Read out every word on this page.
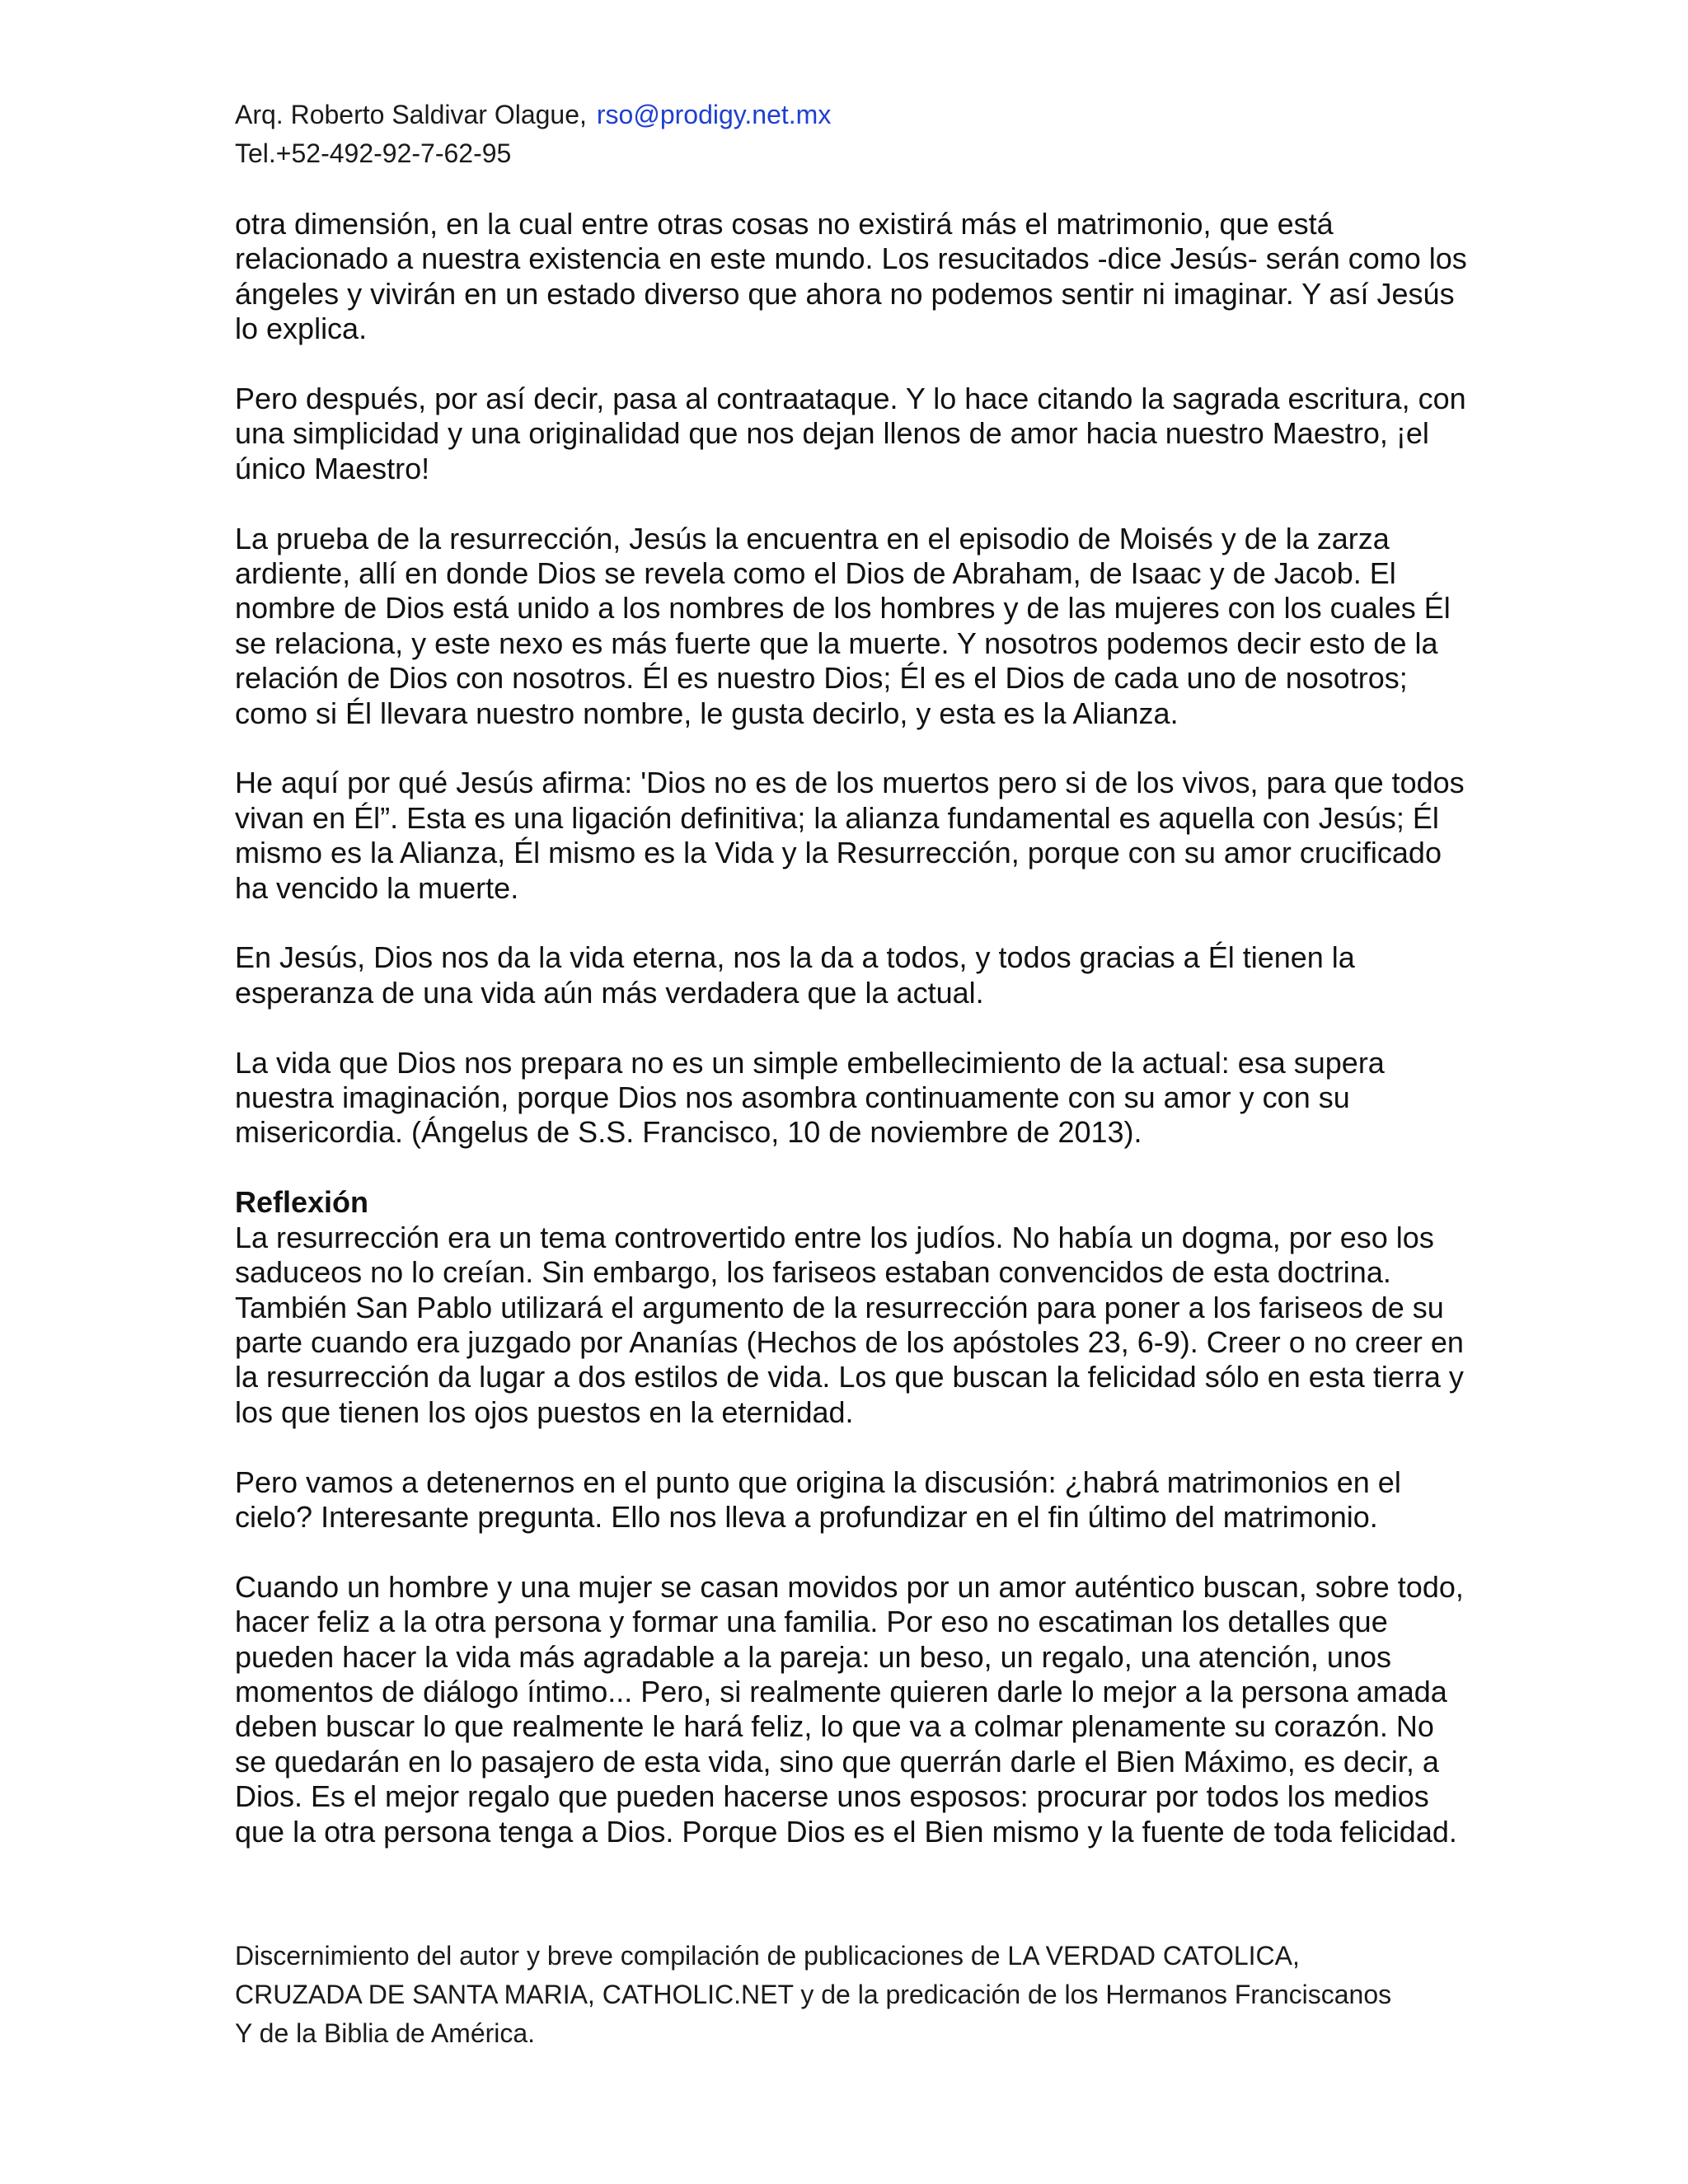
Arq. Roberto Saldivar Olague, rso@prodigy.net.mx
Tel.+52-492-92-7-62-95

otra dimensión, en la cual entre otras cosas no existirá más el matrimonio, que está relacionado a nuestra existencia en este mundo. Los resucitados -dice Jesús- serán como los ángeles y vivirán en un estado diverso que ahora no podemos sentir ni imaginar. Y así Jesús lo explica.

Pero después, por así decir, pasa al contraataque. Y lo hace citando la sagrada escritura, con una simplicidad y una originalidad que nos dejan llenos de amor hacia nuestro Maestro, ¡el único Maestro!

La prueba de la resurrección, Jesús la encuentra en el episodio de Moisés y de la zarza ardiente, allí en donde Dios se revela como el Dios de Abraham, de Isaac y de Jacob. El nombre de Dios está unido a los nombres de los hombres y de las mujeres con los cuales Él se relaciona, y este nexo es más fuerte que la muerte. Y nosotros podemos decir esto de la relación de Dios con nosotros. Él es nuestro Dios; Él es el Dios de cada uno de nosotros; como si Él llevara nuestro nombre, le gusta decirlo, y esta es la Alianza.

He aquí por qué Jesús afirma: 'Dios no es de los muertos pero si de los vivos, para que todos vivan en Él”. Esta es una ligación definitiva; la alianza fundamental es aquella con Jesús; Él mismo es la Alianza, Él mismo es la Vida y la Resurrección, porque con su amor crucificado ha vencido la muerte.

En Jesús, Dios nos da la vida eterna, nos la da a todos, y todos gracias a Él tienen la esperanza de una vida aún más verdadera que la actual.

La vida que Dios nos prepara no es un simple embellecimiento de la actual: esa supera nuestra imaginación, porque Dios nos asombra continuamente con su amor y con su misericordia. (Ángelus de S.S. Francisco, 10 de noviembre de 2013).

Reflexión

La resurrección era un tema controvertido entre los judíos. No había un dogma, por eso los saduceos no lo creían. Sin embargo, los fariseos estaban convencidos de esta doctrina. También San Pablo utilizará el argumento de la resurrección para poner a los fariseos de su parte cuando era juzgado por Ananías (Hechos de los apóstoles 23, 6-9). Creer o no creer en la resurrección da lugar a dos estilos de vida. Los que buscan la felicidad sólo en esta tierra y los que tienen los ojos puestos en la eternidad.

Pero vamos a detenernos en el punto que origina la discusión: ¿habrá matrimonios en el cielo? Interesante pregunta. Ello nos lleva a profundizar en el fin último del matrimonio.

Cuando un hombre y una mujer se casan movidos por un amor auténtico buscan, sobre todo, hacer feliz a la otra persona y formar una familia. Por eso no escatiman los detalles que pueden hacer la vida más agradable a la pareja: un beso, un regalo, una atención, unos momentos de diálogo íntimo... Pero, si realmente quieren darle lo mejor a la persona amada deben buscar lo que realmente le hará feliz, lo que va a colmar plenamente su corazón. No se quedarán en lo pasajero de esta vida, sino que querrán darle el Bien Máximo, es decir, a Dios. Es el mejor regalo que pueden hacerse unos esposos: procurar por todos los medios que la otra persona tenga a Dios. Porque Dios es el Bien mismo y la fuente de toda felicidad.

Discernimiento del autor y breve compilación de publicaciones de LA VERDAD CATOLICA,
CRUZADA DE SANTA MARIA, CATHOLIC.NET y de la predicación de los Hermanos Franciscanos
Y de la Biblia de América.
